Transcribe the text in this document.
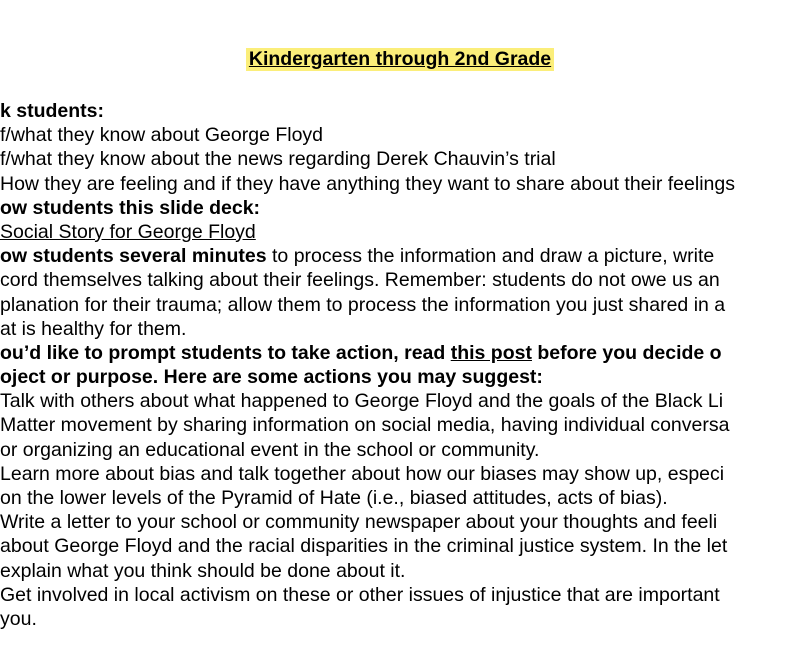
Kindergarten through 2nd Grade
k students:
f/what they know about George Floyd
f/what they know about the news regarding Derek Chauvin’s trial
How they are feeling and if they have anything they want to share about their feelings
ow students this slide deck:
Social Story for George Floyd
ow students several minutes to process the information and draw a picture, write
cord themselves talking about their feelings. Remember: students do not owe us an
planation for their trauma; allow them to process the information you just shared in a
at is healthy for them.
ou’d like to prompt students to take action, read this post before you decide o
oject or purpose. Here are some actions you may suggest:
Talk with others about what happened to George Floyd and the goals of the Black Li
Matter movement by sharing information on social media, having individual conversa
or organizing an educational event in the school or community.
Learn more about bias and talk together about how our biases may show up, especi
on the lower levels of the Pyramid of Hate (i.e., biased attitudes, acts of bias).
Write a letter to your school or community newspaper about your thoughts and feeli
about George Floyd and the racial disparities in the criminal justice system. In the let
explain what you think should be done about it.
Get involved in local activism on these or other issues of injustice that are important
you.
